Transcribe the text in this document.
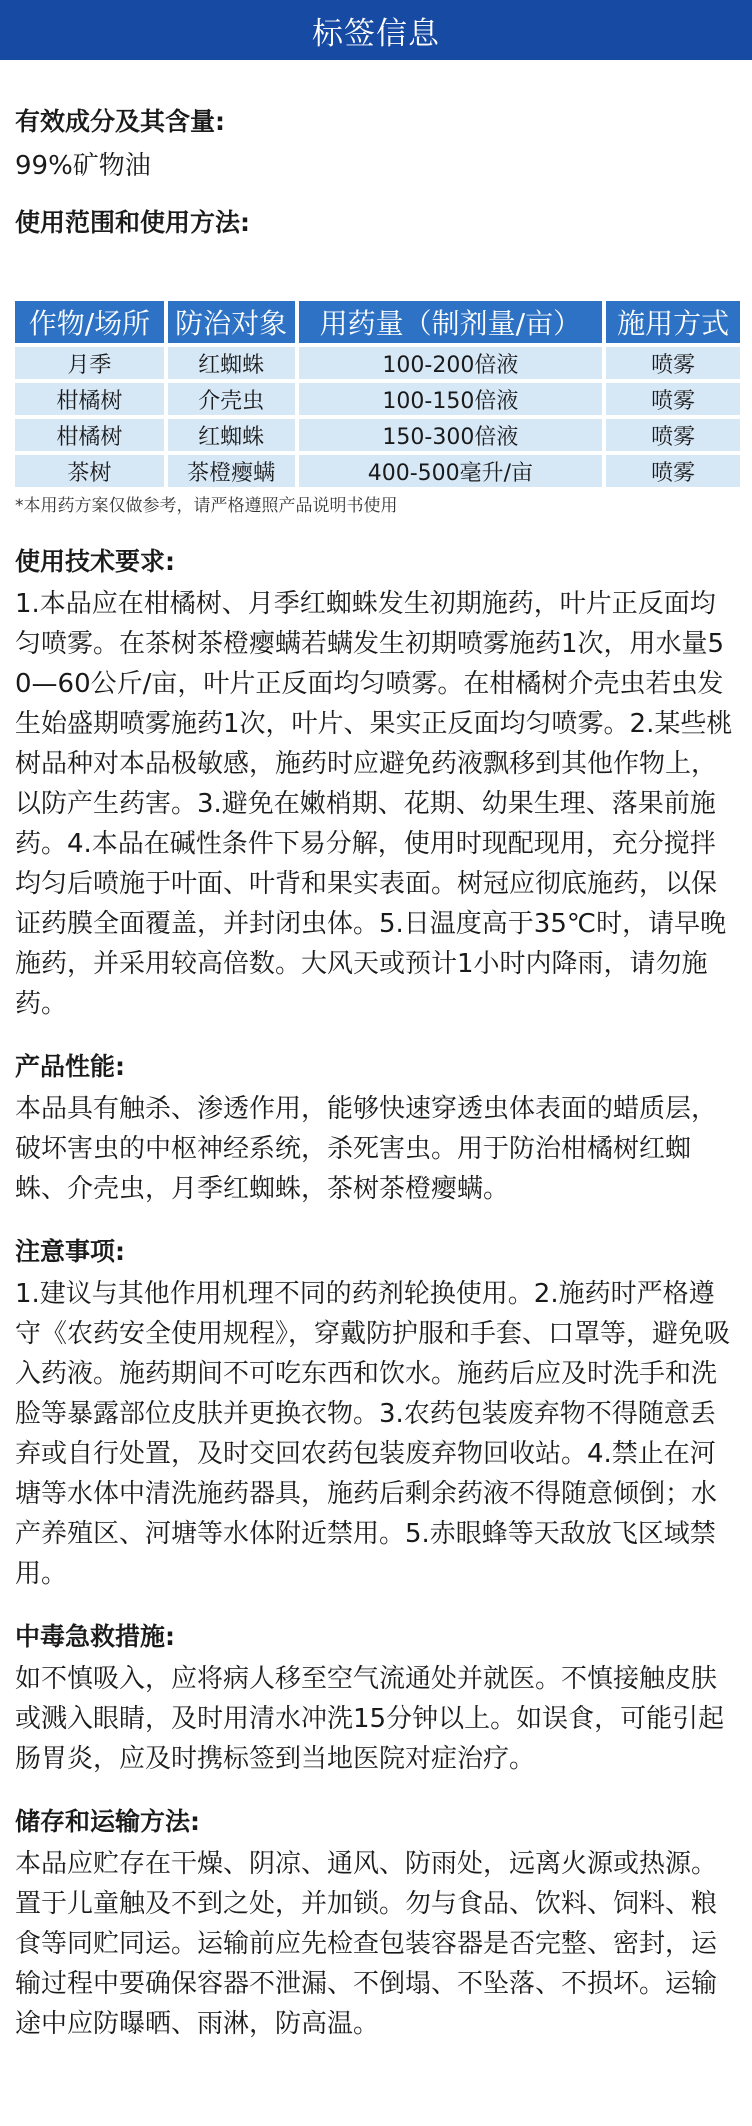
标签信息

有效成分及其含量:

99%矿物油

使用范围和使用方法:

作物/场所	防治对象	用药量（制剂量/亩）	施用方式
月季	红蜘蛛	100-200倍液	喷雾
柑橘树	介壳虫	100-150倍液	喷雾
柑橘树	红蜘蛛	150-300倍液	喷雾
茶树	茶橙瘿螨	400-500毫升/亩	喷雾
*本用药方案仅做参考，请严格遵照产品说明书使用

使用技术要求:

1.本品应在柑橘树、月季红蜘蛛发生初期施药，叶片正反面均匀喷雾。在茶树茶橙瘿螨若螨发生初期喷雾施药1次，用水量50—60公斤/亩，叶片正反面均匀喷雾。在柑橘树介壳虫若虫发生始盛期喷雾施药1次，叶片、果实正反面均匀喷雾。2.某些桃树品种对本品极敏感，施药时应避免药液飘移到其他作物上，以防产生药害。3.避免在嫩梢期、花期、幼果生理、落果前施药。4.本品在碱性条件下易分解，使用时现配现用，充分搅拌均匀后喷施于叶面、叶背和果实表面。树冠应彻底施药，以保证药膜全面覆盖，并封闭虫体。5.日温度高于35℃时，请早晚施药，并采用较高倍数。大风天或预计1小时内降雨，请勿施药。

产品性能:

本品具有触杀、渗透作用，能够快速穿透虫体表面的蜡质层，破坏害虫的中枢神经系统，杀死害虫。用于防治柑橘树红蜘蛛、介壳虫，月季红蜘蛛，茶树茶橙瘿螨。

注意事项:

1.建议与其他作用机理不同的药剂轮换使用。2.施药时严格遵守《农药安全使用规程》，穿戴防护服和手套、口罩等，避免吸入药液。施药期间不可吃东西和饮水。施药后应及时洗手和洗脸等暴露部位皮肤并更换衣物。3.农药包装废弃物不得随意丢弃或自行处置，及时交回农药包装废弃物回收站。4.禁止在河塘等水体中清洗施药器具，施药后剩余药液不得随意倾倒；水产养殖区、河塘等水体附近禁用。5.赤眼蜂等天敌放飞区域禁用。

中毒急救措施:

如不慎吸入，应将病人移至空气流通处并就医。不慎接触皮肤或溅入眼睛，及时用清水冲洗15分钟以上。如误食，可能引起肠胃炎，应及时携标签到当地医院对症治疗。

储存和运输方法:

本品应贮存在干燥、阴凉、通风、防雨处，远离火源或热源。置于儿童触及不到之处，并加锁。勿与食品、饮料、饲料、粮食等同贮同运。运输前应先检查包装容器是否完整、密封，运输过程中要确保容器不泄漏、不倒塌、不坠落、不损坏。运输途中应防曝晒、雨淋，防高温。
